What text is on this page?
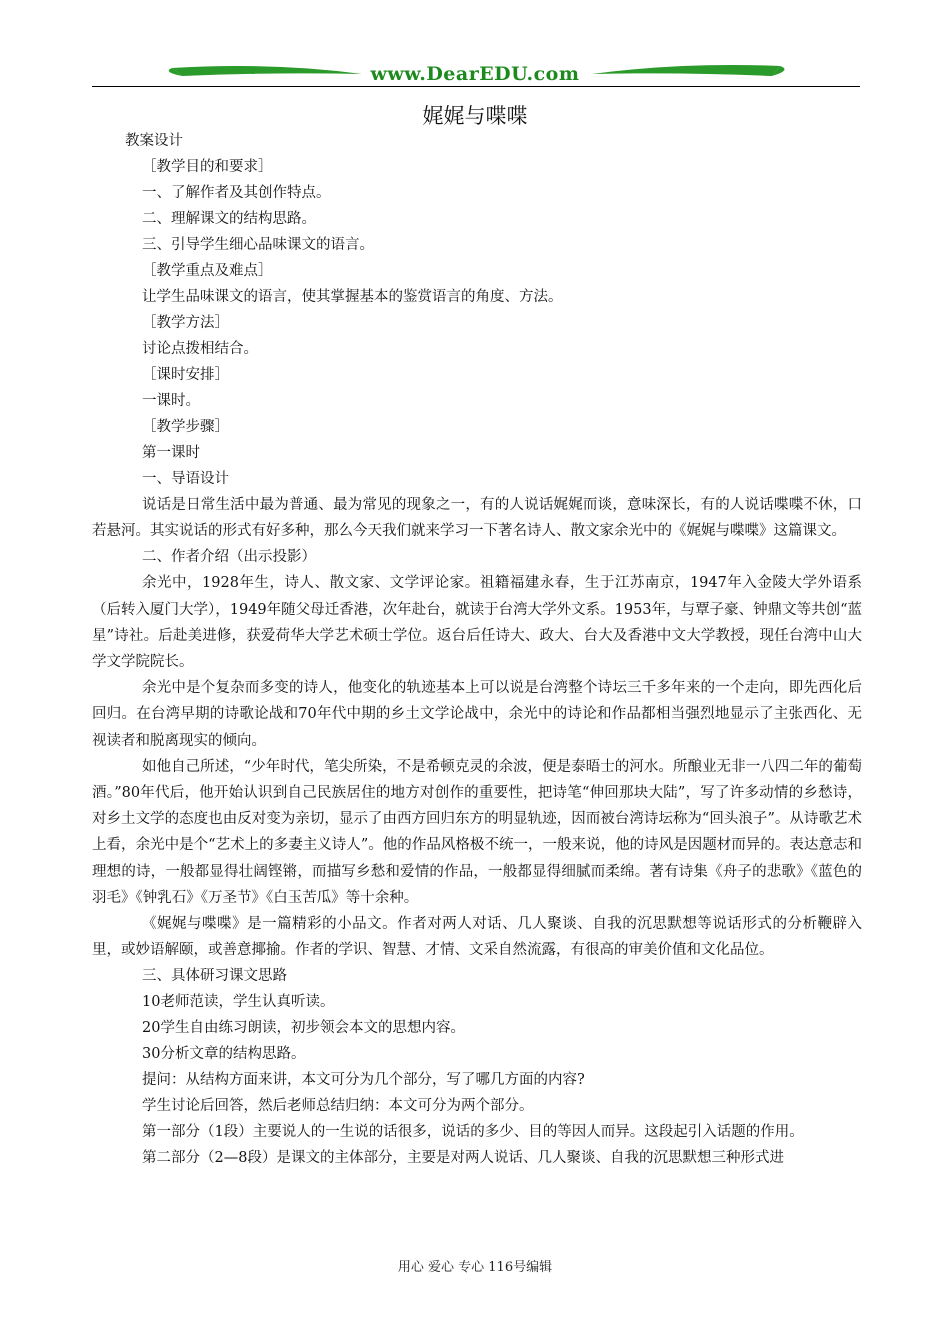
www.DearEDU.com
娓娓与喋喋
教案设计
［教学目的和要求］
一、了解作者及其创作特点。
二、理解课文的结构思路。
三、引导学生细心品味课文的语言。
［教学重点及难点］
让学生品味课文的语言，使其掌握基本的鉴赏语言的角度、方法。
［教学方法］
讨论点拨相结合。
［课时安排］
一课时。
［教学步骤］
第一课时
一、导语设计

说话是日常生活中最为普通、最为常见的现象之一，有的人说话娓娓而谈，意味深长，有的人说话喋喋不休，口若悬河。其实说话的形式有好多种，那么今天我们就来学习一下著名诗人、散文家余光中的《娓娓与喋喋》这篇课文。

二、作者介绍（出示投影）

余光中，1928年生，诗人、散文家、文学评论家。祖籍福建永春，生于江苏南京，1947年入金陵大学外语系（后转入厦门大学），1949年随父母迁香港，次年赴台，就读于台湾大学外文系。1953年，与覃子豪、钟鼎文等共创“蓝星”诗社。后赴美进修，获爱荷华大学艺术硕士学位。返台后任诗大、政大、台大及香港中文大学教授，现任台湾中山大学文学院院长。

余光中是个复杂而多变的诗人，他变化的轨迹基本上可以说是台湾整个诗坛三千多年来的一个走向，即先西化后回归。在台湾早期的诗歌论战和70年代中期的乡土文学论战中，余光中的诗论和作品都相当强烈地显示了主张西化、无视读者和脱离现实的倾向。

如他自己所述，“少年时代，笔尖所染，不是希顿克灵的余波，便是泰晤士的河水。所酿业无非一八四二年的葡萄酒。”80年代后，他开始认识到自己民族居住的地方对创作的重要性，把诗笔“伸回那块大陆”，写了许多动情的乡愁诗，对乡土文学的态度也由反对变为亲切，显示了由西方回归东方的明显轨迹，因而被台湾诗坛称为“回头浪子”。从诗歌艺术上看，余光中是个“艺术上的多妻主义诗人”。他的作品风格极不统一，一般来说，他的诗风是因题材而异的。表达意志和理想的诗，一般都显得壮阔铿锵，而描写乡愁和爱情的作品，一般都显得细腻而柔绵。著有诗集《舟子的悲歌》《蓝色的羽毛》《钟乳石》《万圣节》《白玉苦瓜》等十余种。

《娓娓与喋喋》是一篇精彩的小品文。作者对两人对话、几人聚谈、自我的沉思默想等说话形式的分析鞭辟入里，或妙语解颐，或善意揶揄。作者的学识、智慧、才情、文采自然流露，有很高的审美价值和文化品位。

三、具体研习课文思路
10老师范读，学生认真听读。
20学生自由练习朗读，初步领会本文的思想内容。
30分析文章的结构思路。
提问：从结构方面来讲，本文可分为几个部分，写了哪几方面的内容?
学生讨论后回答，然后老师总结归纳：本文可分为两个部分。
第一部分（1段）主要说人的一生说的话很多，说话的多少、目的等因人而异。这段起引入话题的作用。
第二部分（2—8段）是课文的主体部分，主要是对两人说话、几人聚谈、自我的沉思默想三种形式进
用心 爱心 专心 116号编辑
